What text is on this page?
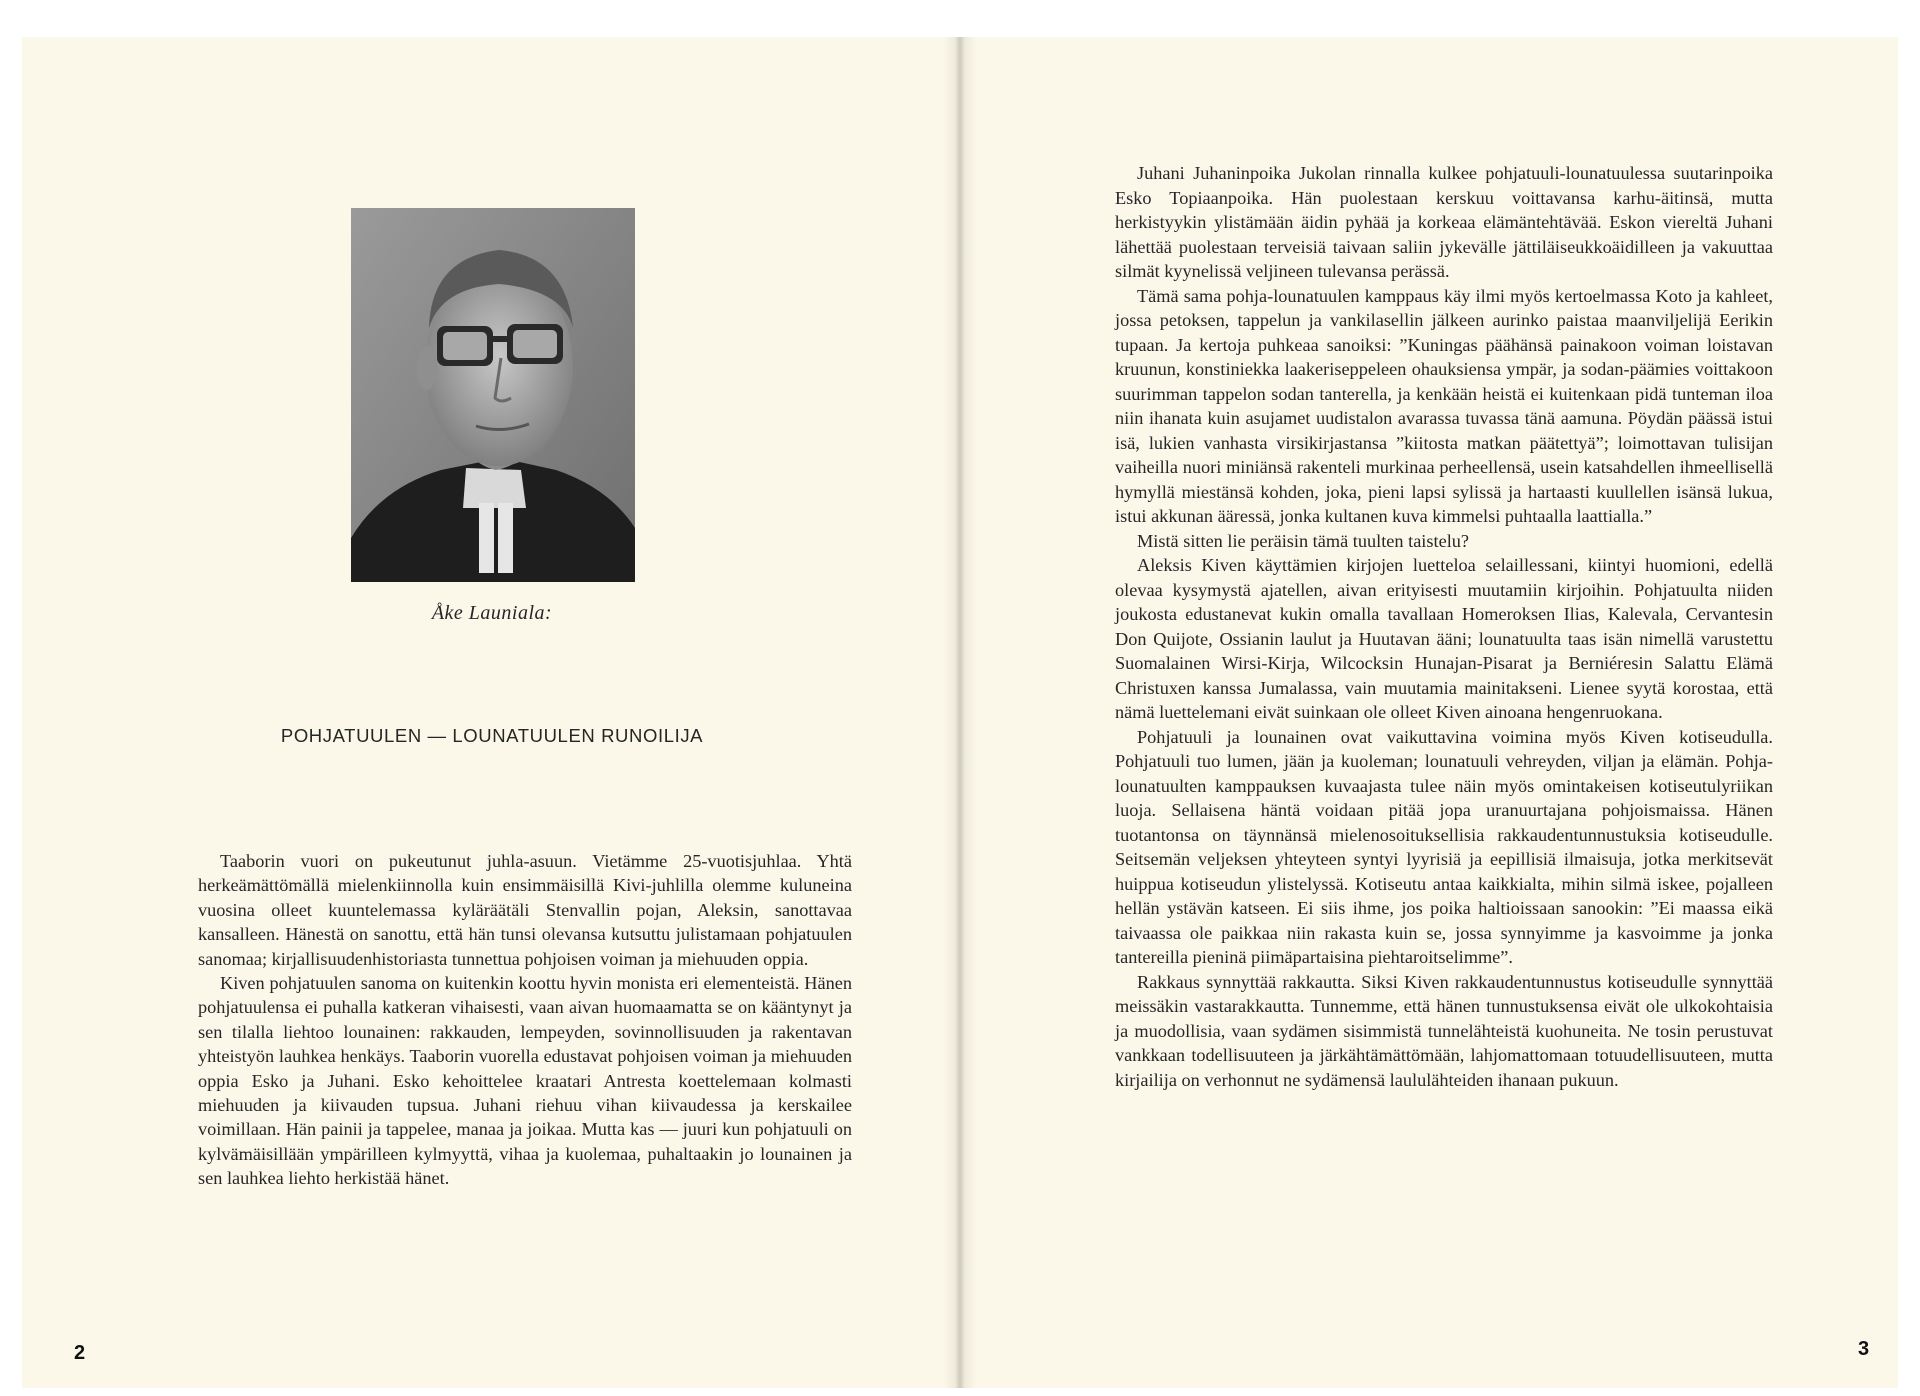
Åke Launiala:
POHJATUULEN — LOUNATUULEN RUNOILIJA

Taaborin vuori on pukeutunut juhla-asuun. Vietämme 25-vuotisjuhlaa. Yhtä herkeämättömällä mielenkiinnolla kuin ensimmäisillä Kivi-juhlilla olemme kuluneina vuosina olleet kuuntelemassa kyläräätäli Stenvallin pojan, Aleksin, sanottavaa kansalleen. Hänestä on sanottu, että hän tunsi olevansa kutsuttu julistamaan pohjatuulen sanomaa; kirjallisuudenhistoriasta tunnettua pohjoisen voiman ja miehuuden oppia.

Kiven pohjatuulen sanoma on kuitenkin koottu hyvin monista eri elementeistä. Hänen pohjatuulensa ei puhalla katkeran vihaisesti, vaan aivan huomaamatta se on kääntynyt ja sen tilalla liehtoo lounainen: rakkauden, lempeyden, sovinnollisuuden ja rakentavan yhteistyön lauhkea henkäys. Taaborin vuorella edustavat pohjoisen voiman ja miehuuden oppia Esko ja Juhani. Esko kehoittelee kraatari Antresta koettelemaan kolmasti miehuuden ja kiivauden tupsua. Juhani riehuu vihan kiivaudessa ja kerskailee voimillaan. Hän painii ja tappelee, manaa ja joikaa. Mutta kas — juuri kun pohjatuuli on kylvämäisillään ympärilleen kylmyyttä, vihaa ja kuolemaa, puhaltaakin jo lounainen ja sen lauhkea liehto herkistää hänet.

2

Juhani Juhaninpoika Jukolan rinnalla kulkee pohjatuuli-lounatuulessa suutarinpoika Esko Topiaanpoika. Hän puolestaan kerskuu voittavansa karhu-äitinsä, mutta herkistyykin ylistämään äidin pyhää ja korkeaa elämäntehtävää. Eskon viereltä Juhani lähettää puolestaan terveisiä taivaan saliin jykevälle jättiläiseukkoäidilleen ja vakuuttaa silmät kyynelissä veljineen tulevansa perässä.

Tämä sama pohja-lounatuulen kamppaus käy ilmi myös kertoelmassa Koto ja kahleet, jossa petoksen, tappelun ja vankilasellin jälkeen aurinko paistaa maanviljelijä Eerikin tupaan. Ja kertoja puhkeaa sanoiksi: ”Kuningas päähänsä painakoon voiman loistavan kruunun, konstiniekka laakeriseppeleen ohauksiensa ympär, ja sodan-päämies voittakoon suurimman tappelon sodan tanterella, ja kenkään heistä ei kuitenkaan pidä tunteman iloa niin ihanata kuin asujamet uudistalon avarassa tuvassa tänä aamuna. Pöydän päässä istui isä, lukien vanhasta virsikirjastansa ”kiitosta matkan päätettyä”; loimottavan tulisijan vaiheilla nuori miniänsä rakenteli murkinaa perheellensä, usein katsahdellen ihmeellisellä hymyllä miestänsä kohden, joka, pieni lapsi sylissä ja hartaasti kuullellen isänsä lukua, istui akkunan ääressä, jonka kultanen kuva kimmelsi puhtaalla laattialla.”

Mistä sitten lie peräisin tämä tuulten taistelu?

Aleksis Kiven käyttämien kirjojen luetteloa selaillessani, kiintyi huomioni, edellä olevaa kysymystä ajatellen, aivan erityisesti muutamiin kirjoihin. Pohjatuulta niiden joukosta edustanevat kukin omalla tavallaan Homeroksen Ilias, Kalevala, Cervantesin Don Quijote, Ossianin laulut ja Huutavan ääni; lounatuulta taas isän nimellä varustettu Suomalainen Wirsi-Kirja, Wilcocksin Hunajan-Pisarat ja Berniéresin Salattu Elämä Christuxen kanssa Jumalassa, vain muutamia mainitakseni. Lienee syytä korostaa, että nämä luettelemani eivät suinkaan ole olleet Kiven ainoana hengenruokana.

Pohjatuuli ja lounainen ovat vaikuttavina voimina myös Kiven kotiseudulla. Pohjatuuli tuo lumen, jään ja kuoleman; lounatuuli vehreyden, viljan ja elämän. Pohja-lounatuulten kamppauksen kuvaajasta tulee näin myös omintakeisen kotiseutulyriikan luoja. Sellaisena häntä voidaan pitää jopa uranuurtajana pohjoismaissa. Hänen tuotantonsa on täynnänsä mielenosoituksellisia rakkaudentunnustuksia kotiseudulle. Seitsemän veljeksen yhteyteen syntyi lyyrisiä ja eepillisiä ilmaisuja, jotka merkitsevät huippua kotiseudun ylistelyssä. Kotiseutu antaa kaikkialta, mihin silmä iskee, pojalleen hellän ystävän katseen. Ei siis ihme, jos poika haltioissaan sanookin: ”Ei maassa eikä taivaassa ole paikkaa niin rakasta kuin se, jossa synnyimme ja kasvoimme ja jonka tantereilla pieninä piimäpartaisina piehtaroitselimme”.

Rakkaus synnyttää rakkautta. Siksi Kiven rakkaudentunnustus kotiseudulle synnyttää meissäkin vastarakkautta. Tunnemme, että hänen tunnustuksensa eivät ole ulkokohtaisia ja muodollisia, vaan sydämen sisimmistä tunnelähteistä kuohuneita. Ne tosin perustuvat vankkaan todellisuuteen ja järkähtämättömään, lahjomattomaan totuudellisuuteen, mutta kirjailija on verhonnut ne sydämensä laululähteiden ihanaan pukuun.

3
